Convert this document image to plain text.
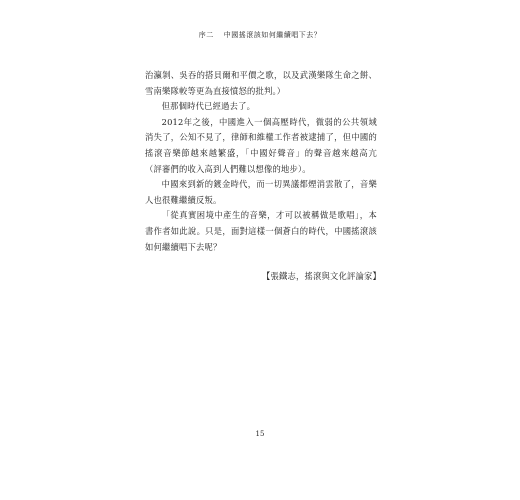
序二 中國搖滾該如何繼續唱下去？

治瀛剝、吳吞的搭貝爾和平價之歌，以及武漢樂隊生命之餅、雪南樂隊較等更為直接憤怒的批判。）

但那個時代已經過去了。

2012年之後，中國進入一個高壓時代，微弱的公共領域消失了，公知不見了，律師和維權工作者被逮捕了，但中國的搖滾音樂節越來越繁盛，「中國好聲音」的聲音越來越高亢（評審們的收入高到人們難以想像的地步）。

中國來到新的鍍金時代，而一切異議都煙消雲散了，音樂人也很難繼續反叛。

「從真實困境中產生的音樂，才可以被稱做是歌唱」，本書作者如此說。只是，面對這樣一個蒼白的時代，中國搖滾該如何繼續唱下去呢？

【張鐵志，搖滾與文化評論家】
15
